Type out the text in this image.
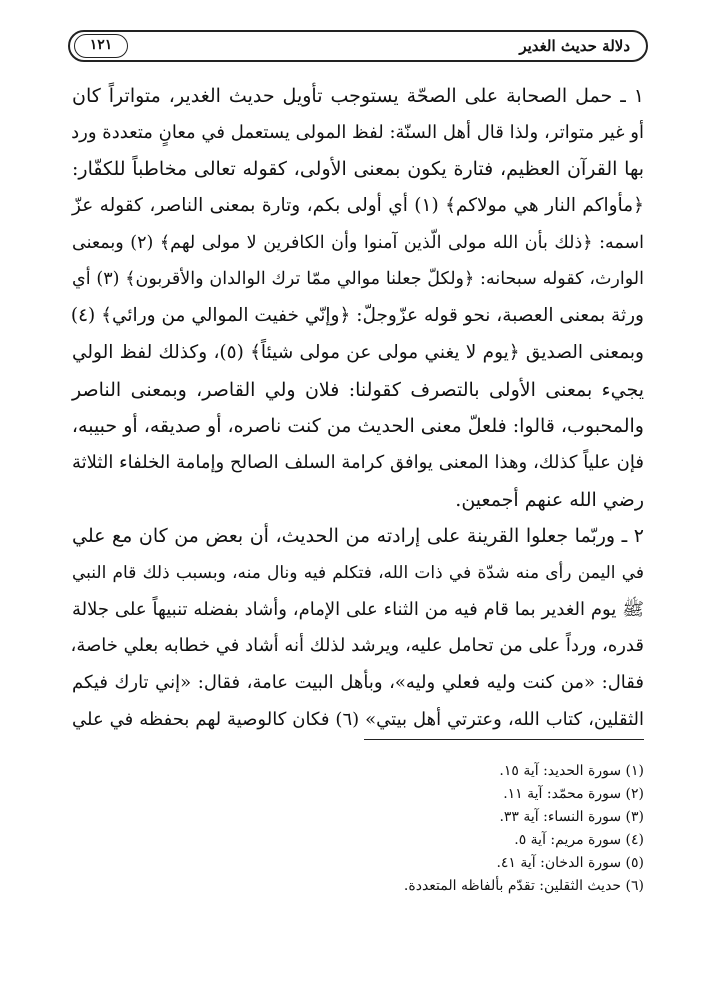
دلالة حديث الغدير
١٢١
١ ـ حمل الصحابة على الصحّة يستوجب تأويل حديث الغدير، متواتراً كان
أو غير متواتر، ولذا قال أهل السنّة: لفظ المولى يستعمل في معانٍ متعددة ورد
بها القرآن العظيم، فتارة يكون بمعنى الأولى، كقوله تعالى مخاطباً للكفّار:
﴿مأواكم النار هي مولاكم﴾ (١) أي أولى بكم، وتارة بمعنى الناصر، كقوله عزّ
اسمه: ﴿ذلك بأن الله مولى الّذين آمنوا وأن الكافرين لا مولى لهم﴾ (٢) وبمعنى
الوارث، كقوله سبحانه: ﴿ولكلّ جعلنا موالي ممّا ترك الوالدان والأقربون﴾ (٣) أي
ورثة بمعنى العصبة، نحو قوله عزّوجلّ: ﴿وإنّي خفيت الموالي من ورائي﴾ (٤)
وبمعنى الصديق ﴿يوم لا يغني مولى عن مولى شيئاً﴾ (٥)، وكذلك لفظ الولي
يجيء بمعنى الأولى بالتصرف كقولنا: فلان ولي القاصر، وبمعنى الناصر
والمحبوب، قالوا: فلعلّ معنى الحديث من كنت ناصره، أو صديقه، أو حبيبه،
فإن علياً كذلك، وهذا المعنى يوافق كرامة السلف الصالح وإمامة الخلفاء الثلاثة
رضي الله عنهم أجمعين.
٢ ـ وربّما جعلوا القرينة على إرادته من الحديث، أن بعض من كان مع علي
في اليمن رأى منه شدّة في ذات الله، فتكلم فيه ونال منه، وبسبب ذلك قام النبي
ﷺ يوم الغدير بما قام فيه من الثناء على الإمام، وأشاد بفضله تنبيهاً على جلالة
قدره، ورداً على من تحامل عليه، ويرشد لذلك أنه أشاد في خطابه بعلي خاصة،
فقال: «من كنت وليه فعلي وليه»، وبأهل البيت عامة، فقال: «إني تارك فيكم
الثقلين، كتاب الله، وعترتي أهل بيتي» (٦) فكان كالوصية لهم بحفظه في علي
(١) سورة الحديد: آية ١٥.
(٢) سورة محمّد: آية ١١.
(٣) سورة النساء: آية ٣٣.
(٤) سورة مريم: آية ٥.
(٥) سورة الدخان: آية ٤١.
(٦) حديث الثقلين: تقدّم بألفاظه المتعددة.
